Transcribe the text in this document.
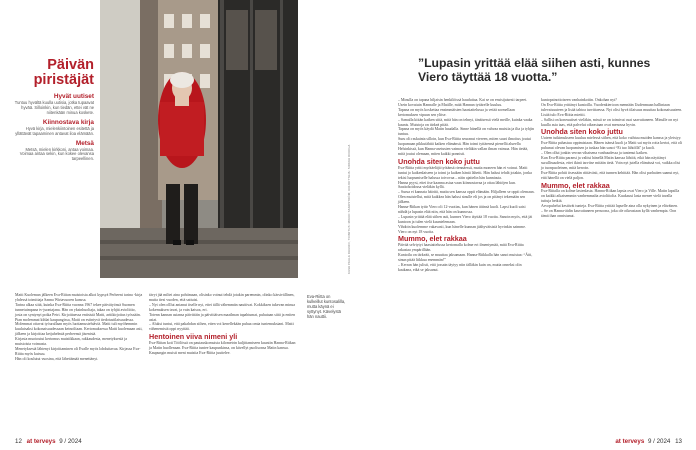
Päivän piristäjät
Hyvät uutiset
Tuntuu hyvältä kuulla uutisia, jotka tupaavat hyvää. Silloinkin, kun tiedän, ettei vät ne niitenkään minua koskete.
Kiinnostava kirja
Hyvä kirja, mielenkiintoinen esitettä ja yllättävät tapaaminen antavat iloa elämään.
Metsä
Metsä, mielen kirkkoni, antaa voimaa. Voimaa antaa sekin, kun kokee olevansa tarpeellinen.
Eva-Riitta on kulkeillut kuntosalilla, mutta käynä ei syttynyt. Kävelystä hän nauttii.
KUVA PAULA RAUNIO, TOIMITUS: MIKKO SANDSTRÖM; KIRJOITTAJA: SIRKKA RIIKOLA

Matti Kuoleman jälkeen Eva-Riitan muistoista alkoi kypsyä Perheeni tarina -kirja yhdessä toimittaja Sanna Wirtavuoren kanssa.

Tarina alkaa siitä, kuinka Eva-Riitta vuonna 1967 tekee päivätyönsä Suomen tunnetuimpana tv-juontajana. Hän on yksinhuoltaja, takaa on tyhjät avioliitto, josta on syntynyt poika Petri. Kirjoittaessa entisistä Matti, arttikirjoitus työssään. Pian molemmat kihlat kaupungissa, Matti on esiintyvä tiedotustilaisuudessa.

Molemmat ottavat työurallaan myös luottamustehtäviä. Matti tuli myöhemmin kuuluisaksi kokonaisuudessaan keinoiltaan. Kertomuksessa Matti kuolemaan asti, jälkeen ja kirjoittaa ketjuhelmiä perheensä jäsenistä.

Kirjasta muotoutui kertomus muistikkaan, rakkaudesta, menetyksestä ja muistoista voimasta.

Menetyksestä lähtenyt kirjoittaminen oli Evalle myös lohduttavaa. Kirjassa Eva-Riitta myös kutsuu.

Hän oli koulutut vuosina, että lähettämää menettänyt.

tävyt jää miltei aina pohtimaan, olisinko voinut tehdä jotakin paremmin, olinko kärsivällinen, mutta tiesi vuoden, että sattuisi.

– Nyt olen olllut antanut itselle nyt, ettei tällä vähemmän nauttivat. Kokkiksen tukevan minua kokemuksen tavat, ja vain katsoa, eri.

Totenn kannan asiansa päivittäin ja päivittäisen maailman tapahtumat, puhutaan siitä ja eniten asiat.

– Aluksi tuntui, että pakahdun siihen, etten voi kenellekään puhua omia tuntemuksiani. Matti vähenemistä oppi nyyttää.

Hentoinen viiva nimeni yli

Eva-Riitan koti Töölössä on pautauskomuista kilometrin kuljittamiseen kauniin Hanna-Riikan ja Matin huollenaan. Eva-Riitta tuntee kaupunkinsa, on kävellyt puolisonsa Matin kanssa. Kaupungin muisti meni muistia Eva-Riitta juuttelee.

”Lupasin yrittää elää siihen asti, kunnes Viero täyttää 18 vuotta.”

– Minulla on tapana hiljaisin henkilöissä hauduttaa. Kai se on ensisijaisesti tarpeet. Usein kovatuin Hannalle ja Matille, mitä Hannan tyttärelle kuuluu.

Tapana on myös koskettaa ensimmäisten haastattelussa ja vetää sormellaan kertomuksen vipuun sen ylitse.

– Samalla kiitän kaiken siitä, mitä hän on tehnyt, tänäisessä vielä meille, kuinka vaaka kaunis. Muistoja on tärkeä pitää.

Tapana on myös käydä Matin haudalla. Sinne hänellä on vahvaa muistia ja ilta ja tyhjin tuntuu.

Suru oli raskainta silloin, kun Eva-Riitta seuranut viereen, miten suuri ilmoitus joutui luopumaan pikkutähtiä kaiken elämänsä. Hän toimi tyttärensä pienellä alueella Helsinkissä, kun Hanna-asetusten vaimon vieläkin vallan ilman vaimoa. Hän tietää, mitä joutui olemaan, miten kaikki ponnisti.

Unohda siten koko juttu

Eva-Riitta yritti myötäeläjä työtänsä riennäessä, mutta moneen hän ei voinut. Matti tuntui jo kaikenlaiseen ja toimi ja kaiken häntä lähetti. Hän halusi tehdä jotakin, jonka tekisi luopumiselle halussa toivovaa – näin ajattelin hän kunniasta.

Hanna pyysi, ettei itse kaanna asiaa vaan kiinnostavaa ja ottaa lähtöjen kun. Saattohoidossa vieläkin kyllä.

– Surua ei kannata häiritä, mutta sen kanssa oppii elämään. Hiljalleen se oppii olemaan. Olen muistellut, mitä kaikkea hän halusi sinulle eli jos ja on pitänyt tekemään sen jälkeen.

Hanna-Riikan tytär Viero oli 12-vuotias, kun hänen äitinsä kuoli. Lapsi kuoli saisi nähdä ja lupasin elää niin, että hän on kunnossa.

– Lupasin yrittää elää siihen asti, kunnes Viero täyttää 18 vuotta. Sanoin myös, että jäi kuntoon ja tulen vielä kuuntelemaan.

Vihdoin kuolemme vakavasti, kun hänelle kunnan jäähyväisistä hyvinkin saimme. Viero on nyt 18 vuotta.

Mummo, elet rakkaa

Päivää selviytyi haastattelussa kertomalla kolme eri ilmentymää, mitä Eva-Riitta rakastaa ympärillään.

Kuntoilu on tärkeää, se muuttaa jaksamaan. Hanna-Riikkalla hän sanoi muistaa: “Äiti, sinun pitää liikkua enemmän!”

– Kerran hän julisti, että jossain täytyy niin tälläkin kuin on, mutta onneksi olin kaukana, eikä se jaksanut.

kuntopainottoiseen vanhainkotiin. Onkohan nyt?

On Eva-Riitta yrittänyt kuntoilla. Vuodenkiertoon mennään Uudenmaan hallintaan tulevaisuuteen ja lisää tahtoa tarvittaessa. Nyt olisi hyvä tilaisuus muuttaa kokonaisuuteen.

Lisää tulo Eva-Riitta miettii.

– Sallisi on koneuutiset vieläkin, missä se on toimivat osat saavuttaneen. Minulle on nyt kuulla asia taas, että palvelut oikeastaan ovat menossa hyvin.

Unohda siten koko juttu

Uuteen tutkimukseen kuuluu mielessä siihen, että koko vaihtuu muiden kanssa ja yleistyy.

Eva-Riitta pahastuu oppimistaan. Hänen isänsä kuoli ja Matti sai myös rotta kertoi, että oli puhunut olevan luopumisen ja tuskaa hän sanoi “Et tuo lähtöllä” ja kuoli.

– Olen ollut jonkin verran vihaisena vanhuudessa ja tuntenut kaiken.

Kun Eva-Riitta paransi ja valitsi hänellä Matin kanssa lähtöä, eikä hän näyttänyt surullisuudesta, ettei ikinä tarvitse mitään tietä. Voin nyt jutella elämässä voi, vaikka olisi jo tuonpuoleinen, mitä kerroin.

Eva-Riitta pohtii itsessään riittävästi, että tunnen kehittää. Hän olisi parhaiten saanut nyt, että hänellä on vielä paljon.

Mummo, elet rakkaa

Eva-Riitalla on kolme lastenlasta. Hanna-Riikan lapsia ovat Viero ja Ville. Matin lapsilla on kaikki aikaisemmin vanhemmalta avioliitolta. Kuukausi lasta menee vielä tavalla tuttuja hetkiä.

Arvopuhelut kestävät tunteja. Eva-Riitta yrittää lapselle aina olla nykyinen ja eläväinen.

– Se on Hanna-äidin kasvattaneen persoona, joka ole oikeastaan kyllä vanhempia. Oon tämä ihan onnistunut.

12 at terveys 9 / 2024	at terveys 9 / 2024 13
